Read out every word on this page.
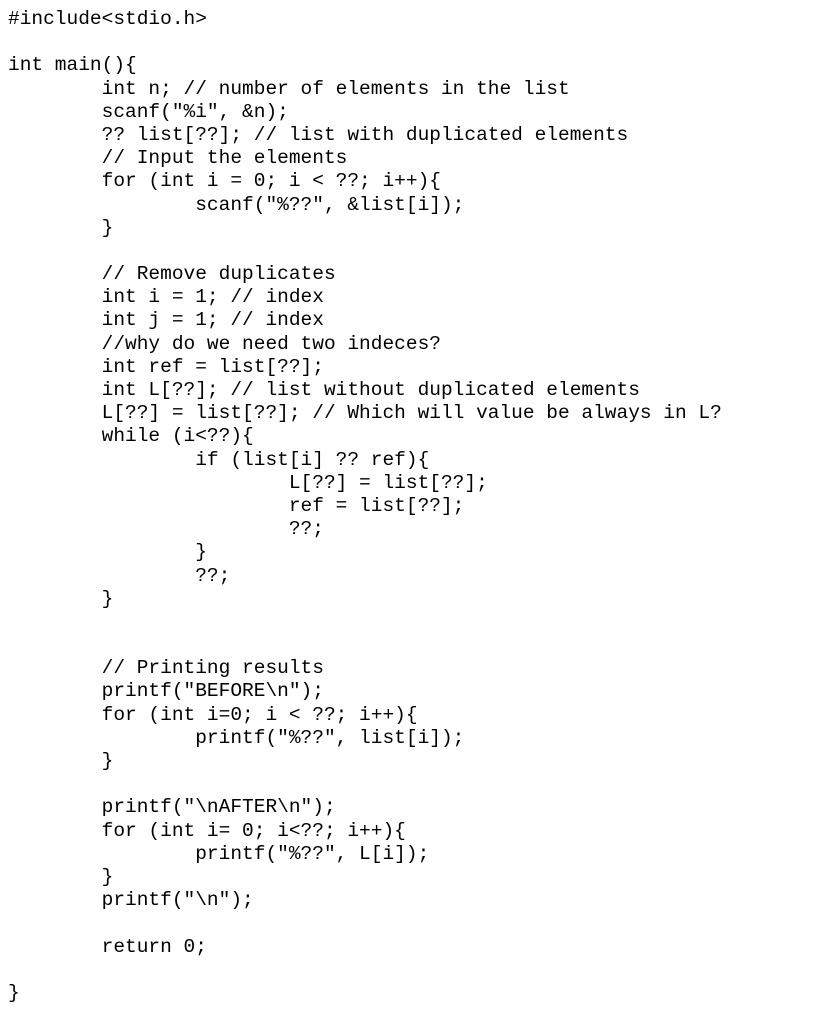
#include<stdio.h>
int main(){
int n; // number of elements in the list
scanf("%i", &n);
?? list[??]; // list with duplicated elements
// Input the elements
for (int i = 0; i < ??; i++){
scanf("%??", &list[i]);
}
// Remove duplicates
int i = 1; // index
int j = 1; // index
//why do we need two indeces?
int ref = list[??];
int L[??]; // list without duplicated elements
L[??] = list[??]; // Which will value be always in L?
while (i<??){
if (list[i] ?? ref){
L[??] = list[??];
ref = list[??];
??;
}
??;
}
// Printing results
printf("BEFORE\n");
for (int i=0; i < ??; i++){
printf("%??", list[i]);
}
printf("\nAFTER\n");
for (int i= 0; i<??; i++){
printf("%??", L[i]);
}
printf("\n");
return 0;
}
